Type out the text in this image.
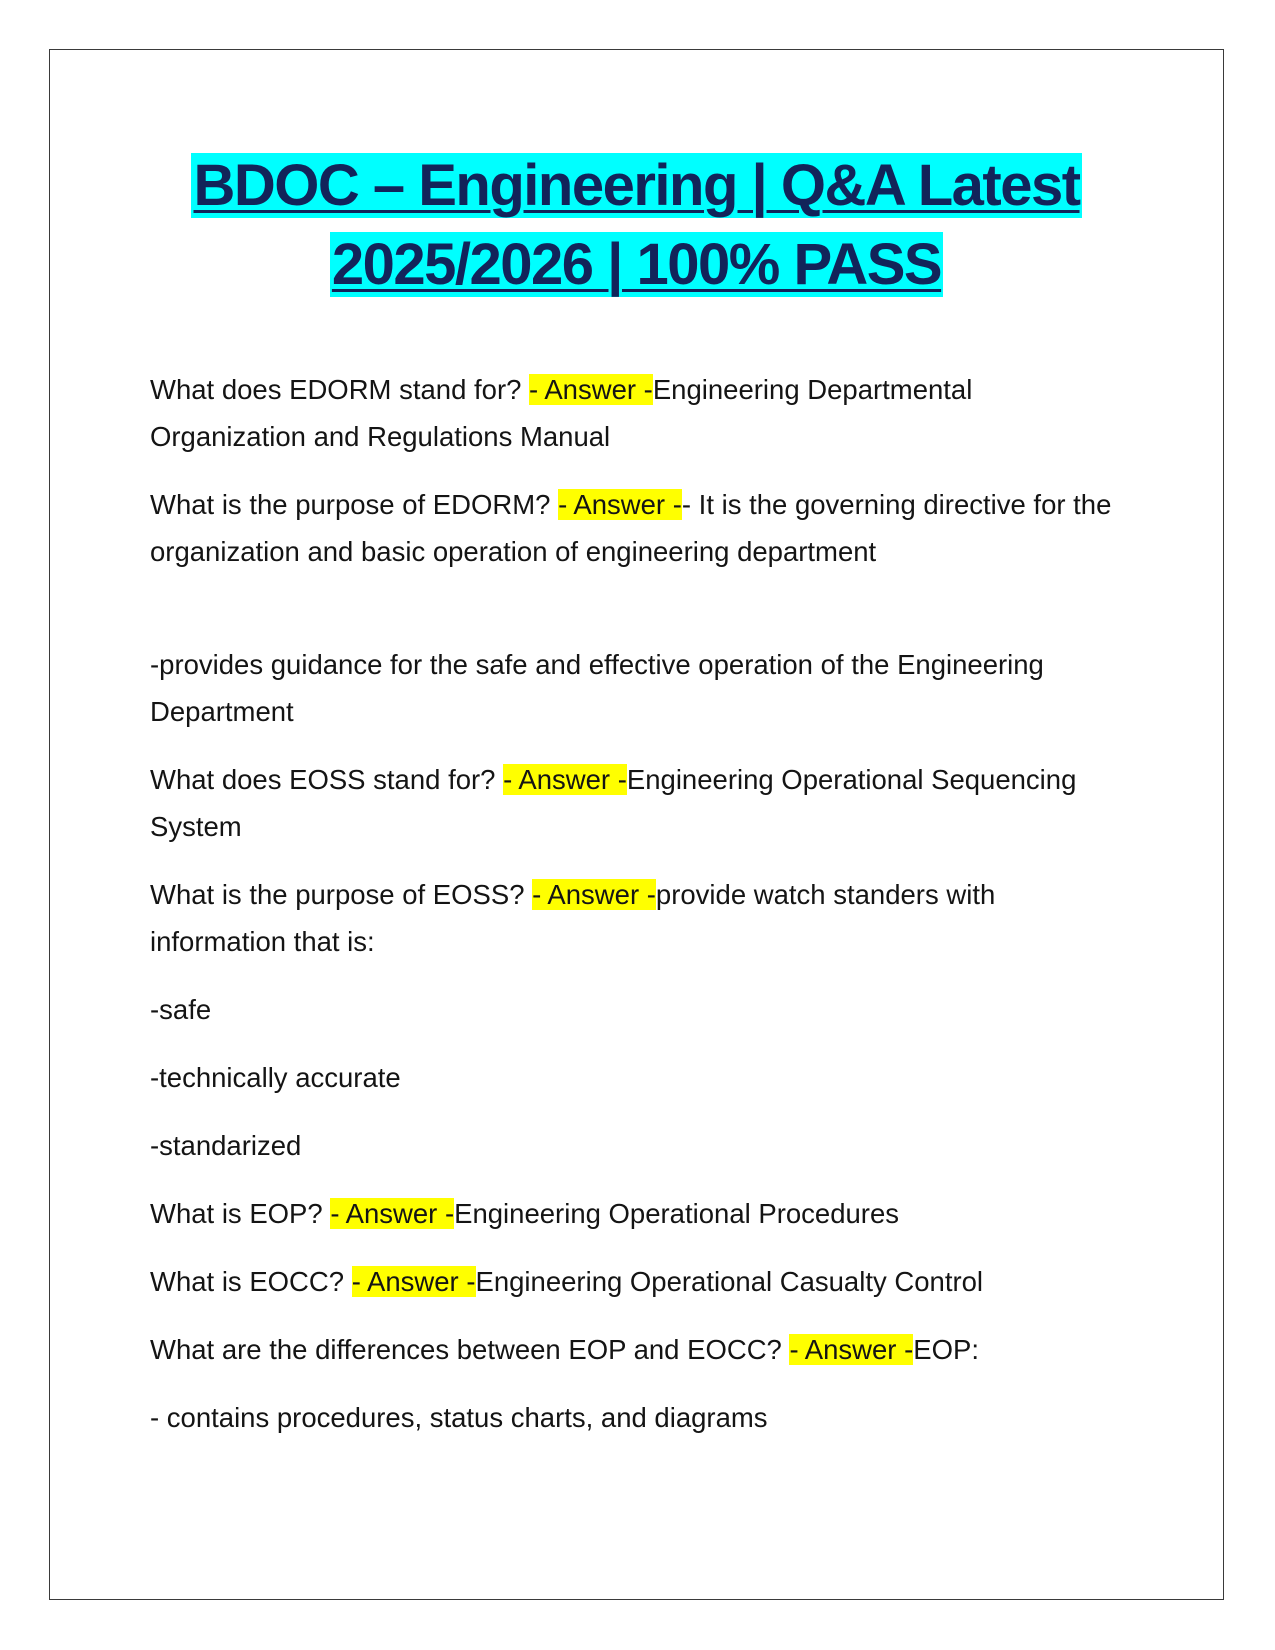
BDOC – Engineering | Q&A Latest
2025/2026 | 100% PASS

What does EDORM stand for? - Answer -Engineering Departmental Organization and Regulations Manual

What is the purpose of EDORM? - Answer -- It is the governing directive for the organization and basic operation of engineering department

-provides guidance for the safe and effective operation of the Engineering Department

What does EOSS stand for? - Answer -Engineering Operational Sequencing System

What is the purpose of EOSS? - Answer -provide watch standers with information that is:

-safe

-technically accurate

-standarized

What is EOP? - Answer -Engineering Operational Procedures

What is EOCC? - Answer -Engineering Operational Casualty Control

What are the differences between EOP and EOCC? - Answer -EOP:

- contains procedures, status charts, and diagrams
